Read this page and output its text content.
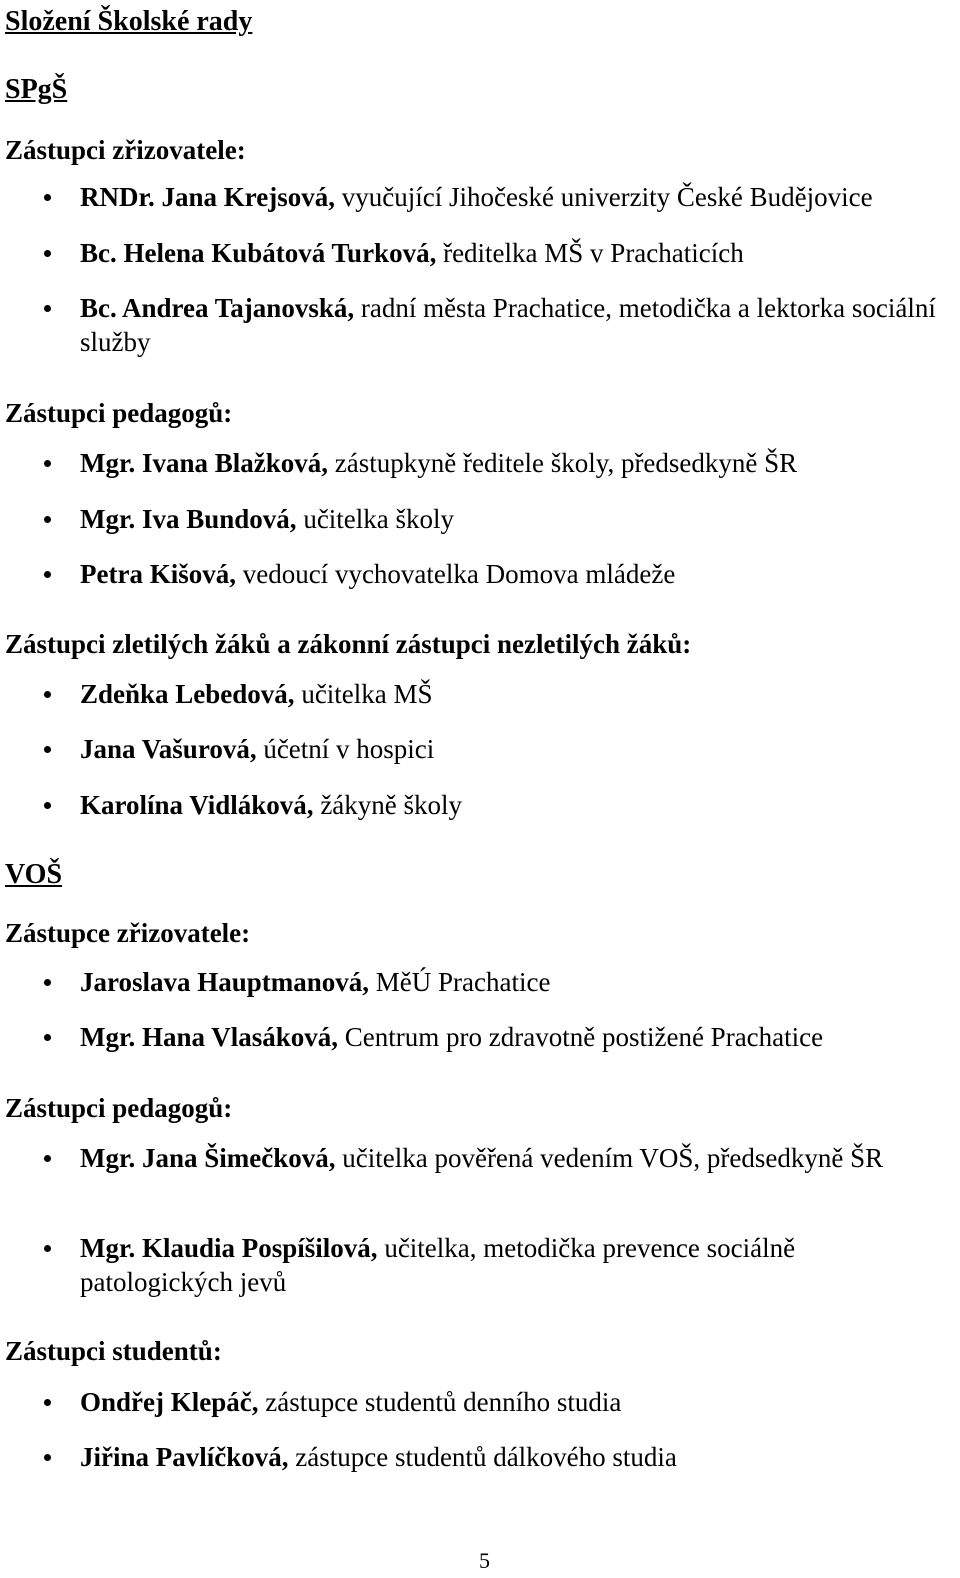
Složení Školské rady
SPgŠ
Zástupci zřizovatele:
RNDr. Jana Krejsová, vyučující Jihočeské univerzity České Budějovice
Bc. Helena Kubátová Turková, ředitelka MŠ v Prachaticích
Bc. Andrea Tajanovská, radní města Prachatice, metodička a lektorka sociální služby
Zástupci pedagogů:
Mgr. Ivana Blažková, zástupkyně ředitele školy, předsedkyně ŠR
Mgr. Iva Bundová, učitelka školy
Petra Kišová, vedoucí vychovatelka Domova mládeže
Zástupci zletilých žáků a zákonní zástupci nezletilých žáků:
Zdeňka Lebedová, učitelka MŠ
Jana Vašurová, účetní v hospici
Karolína Vidláková, žákyně školy
VOŠ
Zástupce zřizovatele:
Jaroslava Hauptmanová, MěÚ Prachatice
Mgr. Hana Vlasáková, Centrum pro zdravotně postižené Prachatice
Zástupci pedagogů:
Mgr. Jana Šimečková, učitelka pověřená vedením VOŠ, předsedkyně ŠR
Mgr. Klaudia Pospíšilová, učitelka, metodička prevence sociálně patologických jevů
Zástupci studentů:
Ondřej Klepáč, zástupce studentů denního studia
Jiřina Pavlíčková, zástupce studentů dálkového studia
5
